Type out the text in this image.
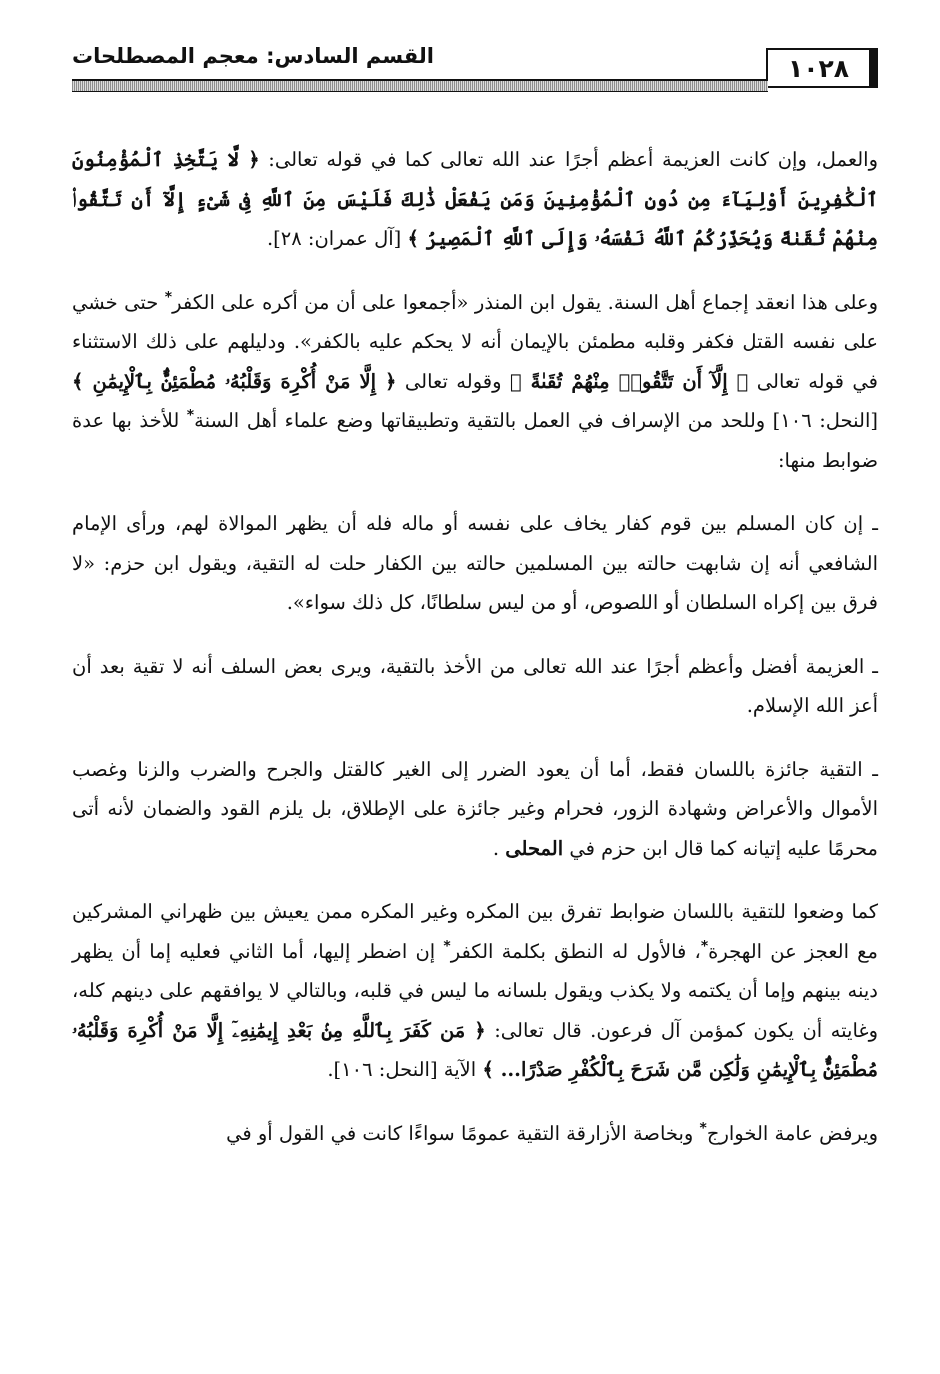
١٠٢٨
القسم السادس: معجم المصطلحات

والعمل، وإن كانت العزيمة أعظم أجرًا عند الله تعالى كما في قوله تعالى: ﴿ لَّا يَتَّخِذِ ٱلْمُؤْمِنُونَ ٱلْكَٰفِرِينَ أَوْلِيَآءَ مِن دُونِ ٱلْمُؤْمِنِينَ وَمَن يَفْعَلْ ذَٰلِكَ فَلَيْسَ مِنَ ٱللَّهِ فِى شَىْءٍ إِلَّآ أَن تَتَّقُوا۟ مِنْهُمْ تُقَىٰةً وَيُحَذِّرُكُمُ ٱللَّهُ نَفْسَهُۥ وَإِلَى ٱللَّهِ ٱلْمَصِيرُ ﴾ [آل عمران: ٢٨].

وعلى هذا انعقد إجماع أهل السنة. يقول ابن المنذر «أجمعوا على أن من أكره على الكفر* حتى خشي على نفسه القتل فكفر وقلبه مطمئن بالإيمان أنه لا يحكم عليه بالكفر». ودليلهم على ذلك الاستثناء في قوله تعالى ﴿ إِلَّآ أَن تَتَّقُوا۟ مِنْهُمْ تُقَىٰةً ﴾ وقوله تعالى ﴿ إِلَّا مَنْ أُكْرِهَ وَقَلْبُهُۥ مُطْمَئِنٌّۢ بِٱلْإِيمَٰنِ ﴾ [النحل: ١٠٦] وللحد من الإسراف في العمل بالتقية وتطبيقاتها وضع علماء أهل السنة* للأخذ بها عدة ضوابط منها:

ـ إن كان المسلم بين قوم كفار يخاف على نفسه أو ماله فله أن يظهر الموالاة لهم، ورأى الإمام الشافعي أنه إن شابهت حالته بين المسلمين حالته بين الكفار حلت له التقية، ويقول ابن حزم: «لا فرق بين إكراه السلطان أو اللصوص، أو من ليس سلطانًا، كل ذلك سواء».

ـ العزيمة أفضل وأعظم أجرًا عند الله تعالى من الأخذ بالتقية، ويرى بعض السلف أنه لا تقية بعد أن أعز الله الإسلام.

ـ التقية جائزة باللسان فقط، أما أن يعود الضرر إلى الغير كالقتل والجرح والضرب والزنا وغصب الأموال والأعراض وشهادة الزور، فحرام وغير جائزة على الإطلاق، بل يلزم القود والضمان لأنه أتى محرمًا عليه إتيانه كما قال ابن حزم في المحلى .

كما وضعوا للتقية باللسان ضوابط تفرق بين المكره وغير المكره ممن يعيش بين ظهراني المشركين مع العجز عن الهجرة*، فالأول له النطق بكلمة الكفر* إن اضطر إليها، أما الثاني فعليه إما أن يظهر دينه بينهم وإما أن يكتمه ولا يكذب ويقول بلسانه ما ليس في قلبه، وبالتالي لا يوافقهم على دينهم كله، وغايته أن يكون كمؤمن آل فرعون. قال تعالى: ﴿ مَن كَفَرَ بِٱللَّهِ مِنۢ بَعْدِ إِيمَٰنِهِۦٓ إِلَّا مَنْ أُكْرِهَ وَقَلْبُهُۥ مُطْمَئِنٌّۢ بِٱلْإِيمَٰنِ وَلَٰكِن مَّن شَرَحَ بِٱلْكُفْرِ صَدْرًا... ﴾ الآية [النحل: ١٠٦].

ويرفض عامة الخوارج* وبخاصة الأزارقة التقية عمومًا سواءًا كانت في القول أو في
